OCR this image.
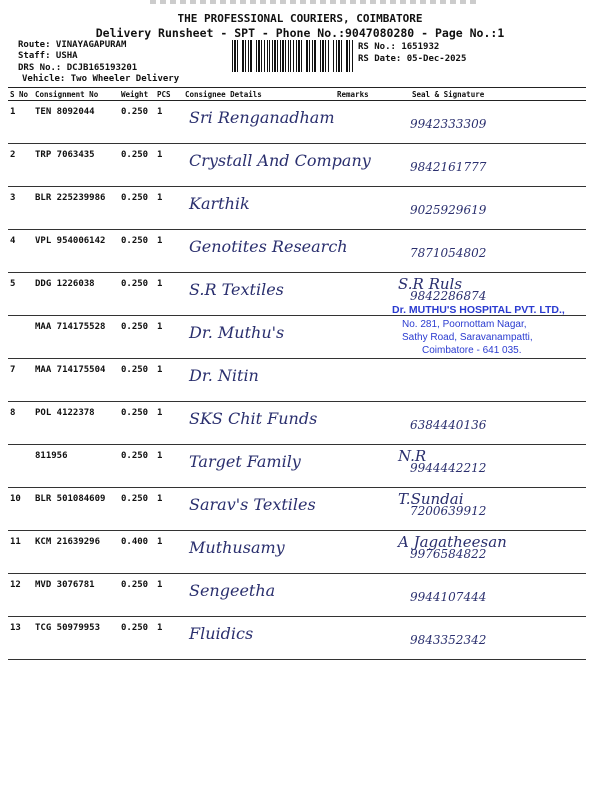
THE PROFESSIONAL COURIERS, COIMBATORE
Delivery Runsheet - SPT - Phone No.:9047080280 - Page No.:1
Route: VINAYAGAPURAM
Staff: USHA
DRS No.: DCJB165193201
Vehicle: Two Wheeler Delivery
RS No.: 1651932
RS Date: 05-Dec-2025
S No	Consignment No	Weight	PCS	Consignee Details	Remarks	Seal & Signature
1	TEN 8092044	0.250	1	Sri Renganadham		9942333309

2	TRP 7063435	0.250	1	Crystall And Company		9842161777

3	BLR 225239986	0.250	1	Karthik		9025929619

4	VPL 954006142	0.250	1	Genotites Research		7871054802

5	DDG 1226038	0.250	1	S.R Textiles		S.R Ruls
9842286874

	MAA 714175528	0.250	1	Dr. Muthu's		

7	MAA 714175504	0.250	1	Dr. Nitin		

8	POL 4122378	0.250	1	SKS Chit Funds		6384440136

	811956	0.250	1	Target Family		N.R
9944442212

10	BLR 501084609	0.250	1	Sarav's Textiles		T.Sundai
7200639912

11	KCM 21639296	0.400	1	Muthusamy		A Jagatheesan
9976584822

12	MVD 3076781	0.250	1	Sengeetha		9944107444

13	TCG 50979953	0.250	1	Fluidics		9843352342
Dr. MUTHU'S HOSPITAL PVT. LTD.,
No. 281, Poornottam Nagar,
Sathy Road, Saravanampatti,
Coimbatore - 641 035.
